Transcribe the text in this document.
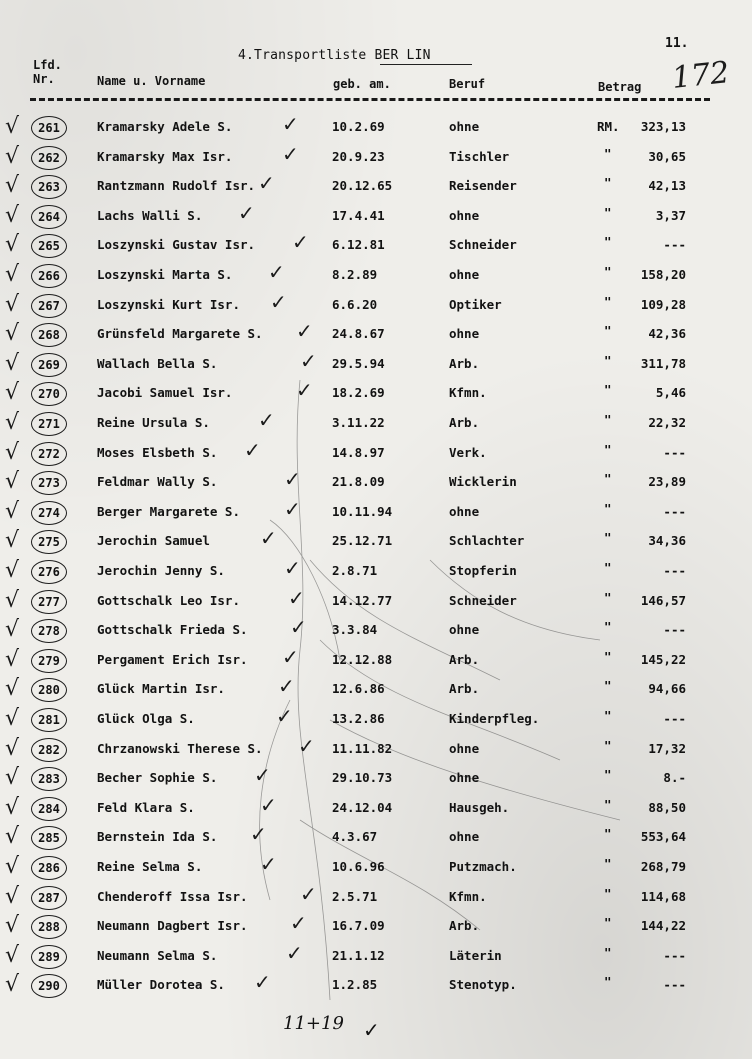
11.
4.Transportliste BER LIN	172
Lfd.
Nr.	Name u. Vorname	geb. am.	Beruf	Betrag
√	261	Kramarsky Adele S. ✓	10.2.69	ohne	RM. 323,13
√	262	Kramarsky Max Isr. ✓	20.9.23	Tischler	"	30,65
√	263	Rantzmann Rudolf Isr. ✓	20.12.65	Reisender	"	42,13
√	264	Lachs Walli S. ✓	17.4.41	ohne	"	3,37
√	265	Loszynski Gustav Isr. ✓ 6.12.81	Schneider	"	---
√	266	Loszynski Marta S. ✓	8.2.89	ohne	" 158,20
√	267	Loszynski Kurt Isr. ✓	6.6.20	Optiker	" 109,28
√	268	Grünsfeld Margarete S. ✓ 24.8.67	ohne	"	42,36
√	269	Wallach Bella S.	✓ 29.5.94	Arb.	" 311,78
√	270	Jacobi Samuel Isr.	✓ 18.2.69	Kfmn.	"	5,46
√	271	Reine Ursula S. ✓	3.11.22	Arb.	"	22,32
√	272	Moses Elsbeth S. ✓	14.8.97	Verk.	"	---
√	273	Feldmar Wally S.	✓ 21.8.09	Wicklerin	"	23,89
√	274	Berger Margarete S. ✓ 10.11.94	ohne	"	---
√	275	Jerochin Samuel	✓	25.12.71	Schlachter	"	34,36
√	276	Jerochin Jenny S.	✓ 2.8.71	Stopferin	"	---
√	277	Gottschalk Leo Isr. ✓ 14.12.77	Schneider	" 146,57
√	278	Gottschalk Frieda S. ✓ 3.3.84	ohne	"	---
√	279	Pergament Erich Isr. ✓	12.12.88	Arb.	" 145,22
√	280	Glück Martin Isr.	✓	12.6.86	Arb.	"	94,66
√	281	Glück Olga S.	✓	13.2.86	Kinderpfleg.	"	---
√	282	Chrzanowski Therese S. ✓ 11.11.82	ohne	"	17,32
√	283	Becher Sophie S. ✓	29.10.73	ohne	"	8.-
√	284	Feld Klara S.	✓	24.12.04	Hausgeh.	"	88,50
√	285	Bernstein Ida S. ✓	4.3.67	ohne	" 553,64
√	286	Reine Selma S.	✓	10.6.96	Putzmach.	" 268,79
√	287	Chenderoff Issa Isr.	✓ 2.5.71	Kfmn.	" 114,68
√	288	Neumann Dagbert Isr. ✓ 16.7.09	Arb.	" 144,22
√	289	Neumann Selma S.	✓ 21.1.12	Läterin	"	---
√	290	Müller Dorotea S. ✓	1.2.85	Stenotyp.	"	---
11+19 ✓
